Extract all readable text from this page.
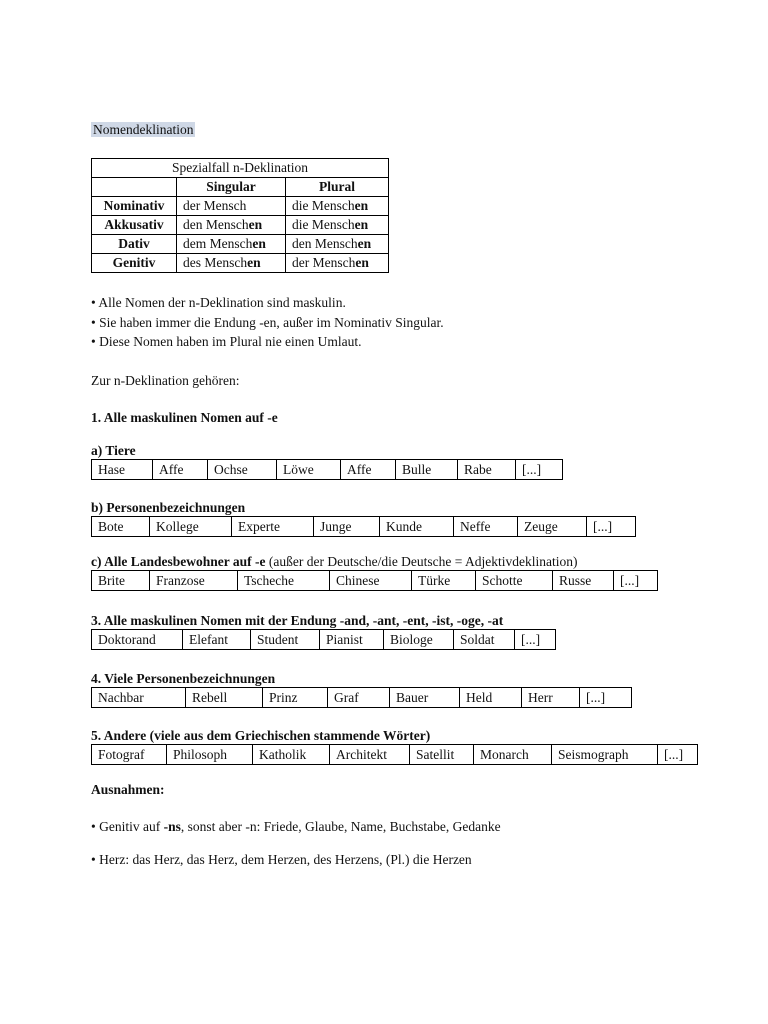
Nomendeklination
Spezialfall n-Deklination		
	Singular	Plural
Nominativ	der Mensch	die Menschen
Akkusativ	den Menschen	die Menschen
Dativ	dem Menschen	den Menschen
Genitiv	des Menschen	der Menschen
• Alle Nomen der n-Deklination sind maskulin.
• Sie haben immer die Endung -en, außer im Nominativ Singular.
• Diese Nomen haben im Plural nie einen Umlaut.
Zur n-Deklination gehören:
1. Alle maskulinen Nomen auf -e
a) Tiere
Hase	Affe	Ochse	Löwe	Affe	Bulle	Rabe	[...]
b) Personenbezeichnungen
Bote	Kollege	Experte	Junge	Kunde	Neffe	Zeuge	[...]
c) Alle Landesbewohner auf -e (außer der Deutsche/die Deutsche = Adjektivdeklination)
Brite	Franzose	Tscheche	Chinese	Türke	Schotte	Russe	[...]
3. Alle maskulinen Nomen mit der Endung -and, -ant, -ent, -ist, -oge, -at
Doktorand	Elefant	Student	Pianist	Biologe	Soldat	[...]
4. Viele Personenbezeichnungen
Nachbar	Rebell	Prinz	Graf	Bauer	Held	Herr	[...]
5. Andere (viele aus dem Griechischen stammende Wörter)
Fotograf	Philosoph	Katholik	Architekt	Satellit	Monarch	Seismograph	[...]
Ausnahmen:
• Genitiv auf -ns, sonst aber -n: Friede, Glaube, Name, Buchstabe, Gedanke
• Herz: das Herz, das Herz, dem Herzen, des Herzens, (Pl.) die Herzen
